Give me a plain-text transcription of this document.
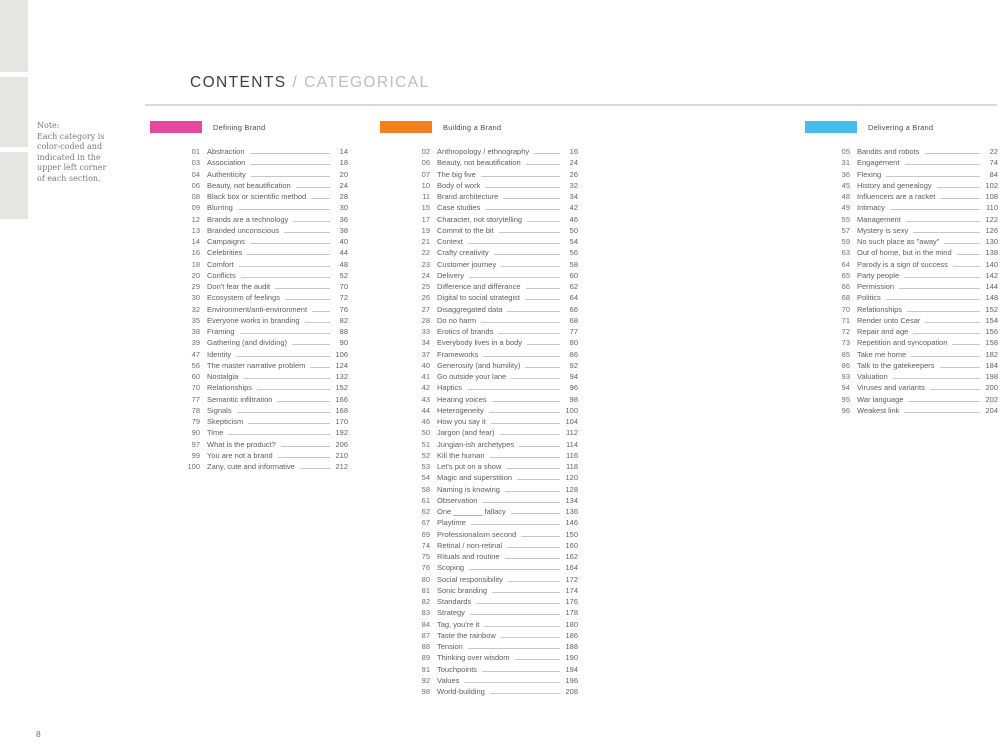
Note:
Each category is
color-coded and
indicated in the
upper left corner
of each section.
CONTENTS / CATEGORICAL
Defining Brand
01 Abstraction	14
03 Association	18
04 Authenticity	20
06 Beauty, not beautification	24
08 Black box or scientific method	28
09 Blurring	30
12 Brands are a technology	36
13 Branded unconscious	38
14 Campaigns	40
16 Celebrities	44
18 Comfort	48
20 Conflicts	52
29 Don't fear the audit	70
30 Ecosystem of feelings	72
32 Environment/anti-environment	76
35 Everyone works in branding	82
38 Framing	88
39 Gathering (and dividing)	90
47 Identity	106
56 The master narrative problem	124
60 Nostalgia	132
70 Relationships	152
77 Semantic infiltration	166
78 Signals	168
79 Skepticism	170
90 Time	192
97 What is the product?	206
99 You are not a brand	210
100 Zany, cute and informative	212
Building a Brand
02 Anthropology / ethnography	16
06 Beauty, not beautification	24
07 The big five	26
10 Body of work	32
11 Brand architecture	34
15 Case studies	42
17 Character, not storytelling	46
19 Commit to the bit	50
21 Context	54
22 Crafty creativity	56
23 Customer journey	58
24 Delivery	60
25 Difference and différance	62
26 Digital to social strategist	64
27 Disaggregated data	66
28 Do no harm	68
33 Erotics of brands	77
34 Everybody lives in a body	80
37 Frameworks	86
40 Generosity (and humility)	92
41 Go outside your lane	94
42 Haptics	96
43 Hearing voices	98
44 Heterogeneity	100
46 How you say it	104
50 Jargon (and fear)	112
51 Jungian-ish archetypes	114
52 Kill the human	116
53 Let's put on a show	118
54 Magic and superstition	120
58 Naming is knowing	128
61 Observation	134
62 One _______ fallacy	136
67 Playtime	146
69 Professionalism second	150
74 Retinal / non-retinal	160
75 Rituals and routine	162
76 Scoping	164
80 Social responsibility	172
81 Sonic branding	174
82 Standards	176
83 Strategy	178
84 Tag, you're it	180
87 Taste the rainbow	186
88 Tension	188
89 Thinking over wisdom	190
91 Touchpoints	194
92 Values	196
98 World-building	208
Delivering a Brand
05 Bandits and robots	22
31 Engagement	74
36 Flexing	84
45 History and genealogy	102
48 Influencers are a racket	108
49 Intimacy	110
55 Management	122
57 Mystery is sexy	126
59 No such place as "away"	130
63 Out of home, but in the mind	138
64 Parody is a sign of success	140
65 Party people	142
66 Permission	144
68 Politics	148
70 Relationships	152
71 Render unto Cesar	154
72 Repair and age	156
73 Repetition and syncopation	158
85 Take me home	182
86 Talk to the gatekeepers	184
93 Valuation	198
94 Viruses and variants	200
95 War language	202
96 Weakest link	204
8
